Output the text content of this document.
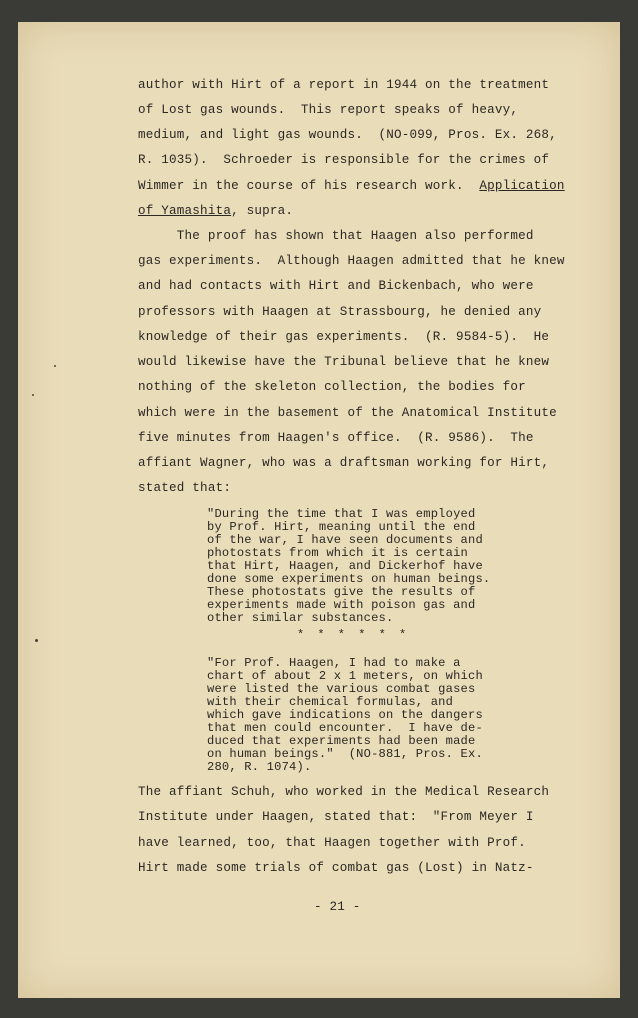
author with Hirt of a report in 1944 on the treatment
of Lost gas wounds.  This report speaks of heavy,
medium, and light gas wounds.  (NO-099, Pros. Ex. 268,
R. 1035).  Schroeder is responsible for the crimes of
Wimmer in the course of his research work.  Application
of Yamashita, supra.
The proof has shown that Haagen also performed
gas experiments.  Although Haagen admitted that he knew
and had contacts with Hirt and Bickenbach, who were
professors with Haagen at Strassbourg, he denied any
knowledge of their gas experiments.  (R. 9584-5).  He
would likewise have the Tribunal believe that he knew
nothing of the skeleton collection, the bodies for
which were in the basement of the Anatomical Institute
five minutes from Haagen's office.  (R. 9586).  The
affiant Wagner, who was a draftsman working for Hirt,
stated that:
"During the time that I was employed
by Prof. Hirt, meaning until the end
of the war, I have seen documents and
photostats from which it is certain
that Hirt, Haagen, and Dickerhof have
done some experiments on human beings.
These photostats give the results of
experiments made with poison gas and
other similar substances.
* * * * * *
"For Prof. Haagen, I had to make a
chart of about 2 x 1 meters, on which
were listed the various combat gases
with their chemical formulas, and
which gave indications on the dangers
that men could encounter.  I have de-
duced that experiments had been made
on human beings."  (NO-881, Pros. Ex.
280, R. 1074).
The affiant Schuh, who worked in the Medical Research
Institute under Haagen, stated that:  "From Meyer I
have learned, too, that Haagen together with Prof.
Hirt made some trials of combat gas (Lost) in Natz-
- 21 -
